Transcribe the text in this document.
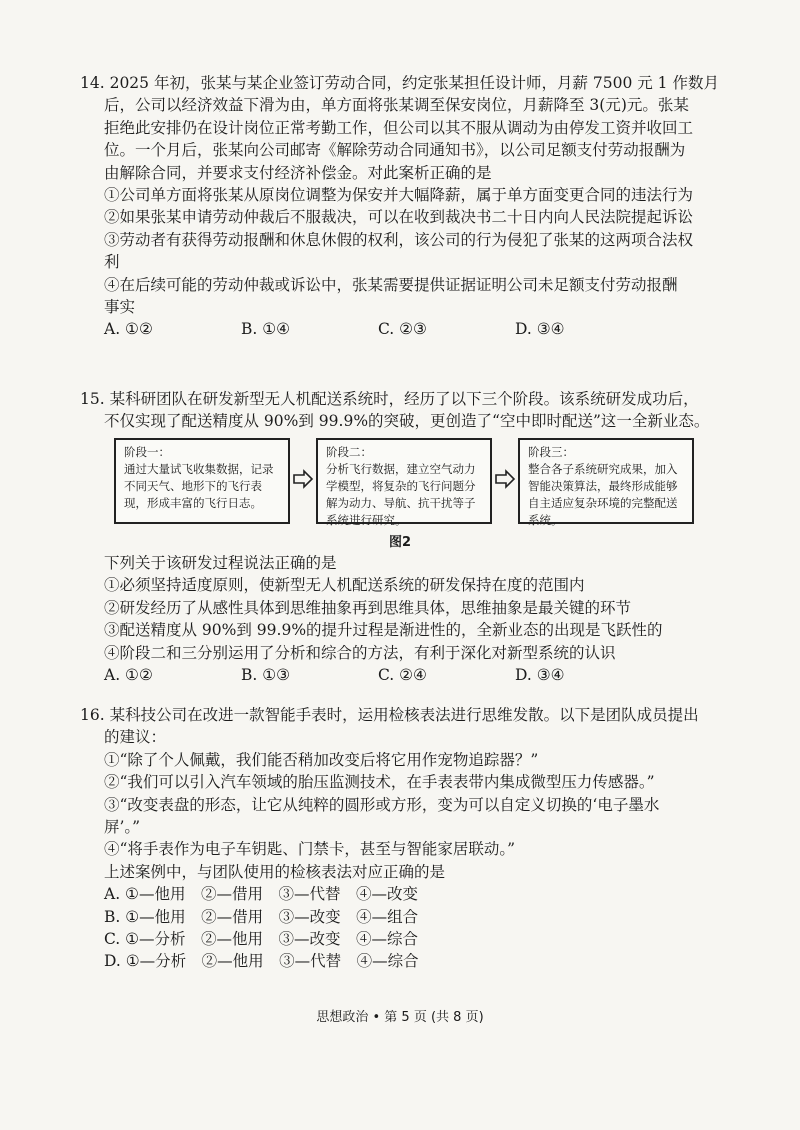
14. 2025 年初，张某与某企业签订劳动合同，约定张某担任设计师，月薪 7500 元 1 作数月
后，公司以经济效益下滑为由，单方面将张某调至保安岗位，月薪降至 3(元)元。张某
拒绝此安排仍在设计岗位正常考勤工作，但公司以其不服从调动为由停发工资并收回工
位。一个月后，张某向公司邮寄《解除劳动合同通知书》，以公司足额支付劳动报酬为
由解除合同，并要求支付经济补偿金。对此案析正确的是
①公司单方面将张某从原岗位调整为保安并大幅降薪，属于单方面变更合同的违法行为
②如果张某申请劳动仲裁后不服裁决，可以在收到裁决书二十日内向人民法院提起诉讼
③劳动者有获得劳动报酬和休息休假的权利，该公司的行为侵犯了张某的这两项合法权
利
④在后续可能的劳动仲裁或诉讼中，张某需要提供证据证明公司未足额支付劳动报酬
事实
A. ①②	B. ①④	C. ②③	D. ③④
15. 某科研团队在研发新型无人机配送系统时，经历了以下三个阶段。该系统研发成功后，
不仅实现了配送精度从 90%到 99.9%的突破，更创造了“空中即时配送”这一全新业态。
阶段一：
通过大量试飞收集数据，记录不同天气、地形下的飞行表现，形成丰富的飞行日志。
阶段二：
分析飞行数据，建立空气动力学模型，将复杂的飞行问题分解为动力、导航、抗干扰等子系统进行研究。
阶段三：
整合各子系统研究成果，加入智能决策算法，最终形成能够自主适应复杂环境的完整配送系统。
图2
下列关于该研发过程说法正确的是
①必须坚持适度原则，使新型无人机配送系统的研发保持在度的范围内
②研发经历了从感性具体到思维抽象再到思维具体，思维抽象是最关键的环节
③配送精度从 90%到 99.9%的提升过程是渐进性的，全新业态的出现是飞跃性的
④阶段二和三分别运用了分析和综合的方法，有利于深化对新型系统的认识
A. ①②	B. ①③	C. ②④	D. ③④
16. 某科技公司在改进一款智能手表时，运用检核表法进行思维发散。以下是团队成员提出
的建议：
①“除了个人佩戴，我们能否稍加改变后将它用作宠物追踪器？”
②“我们可以引入汽车领域的胎压监测技术，在手表表带内集成微型压力传感器。”
③“改变表盘的形态，让它从纯粹的圆形或方形，变为可以自定义切换的‘电子墨水
屏’。”
④“将手表作为电子车钥匙、门禁卡，甚至与智能家居联动。”
上述案例中，与团队使用的检核表法对应正确的是
A. ①—他用　②—借用　③—代替　④—改变
B. ①—他用　②—借用　③—改变　④—组合
C. ①—分析　②—他用　③—改变　④—综合
D. ①—分析　②—他用　③—代替　④—综合
思想政治 • 第 5 页 (共 8 页)
